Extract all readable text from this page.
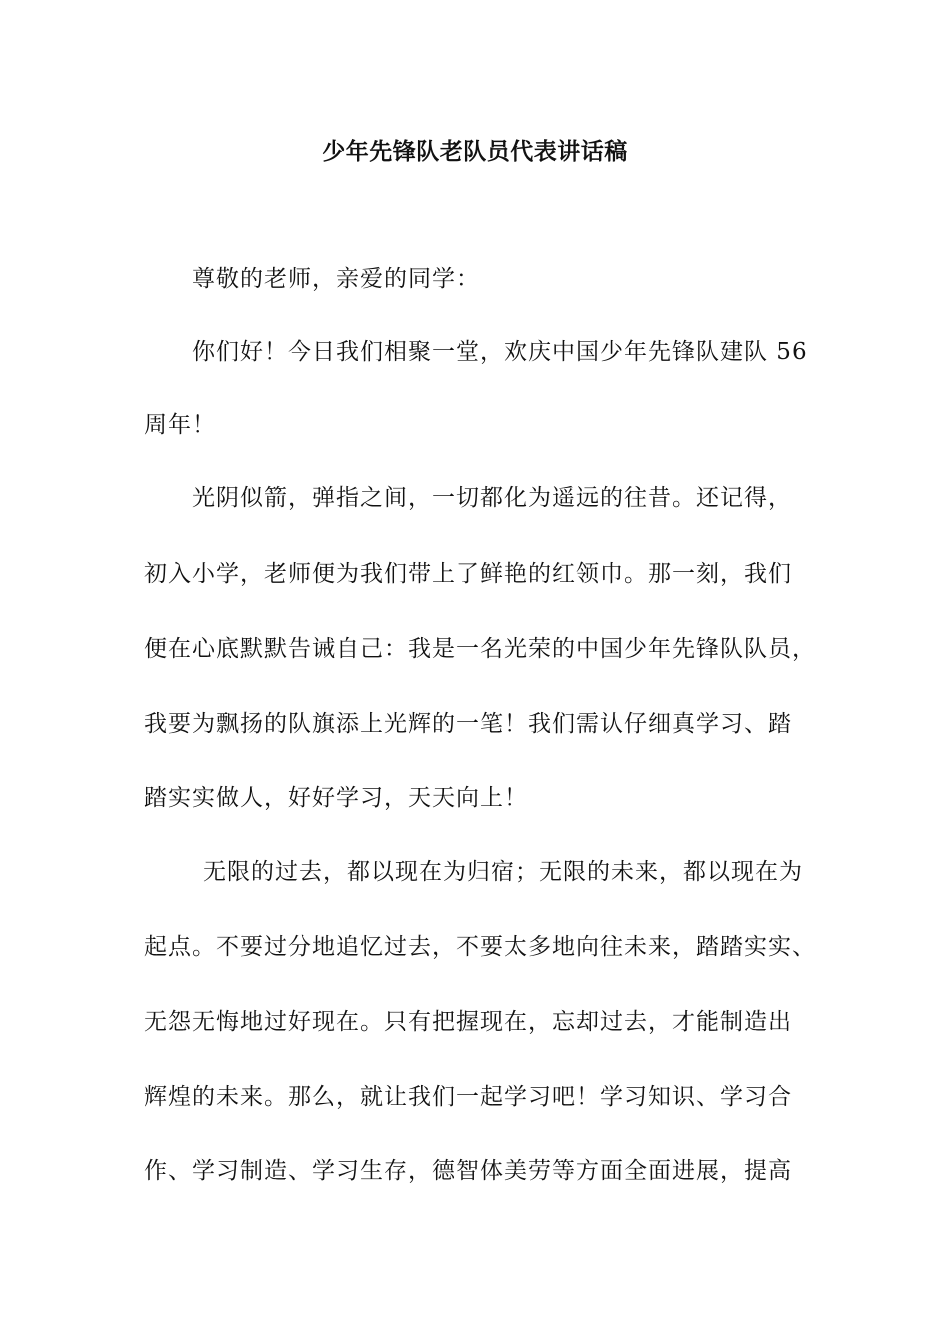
少年先锋队老队员代表讲话稿
尊敬的老师，亲爱的同学：
你们好！今日我们相聚一堂，欢庆中国少年先锋队建队 56
周年！
光阴似箭，弹指之间，一切都化为遥远的往昔。还记得，
初入小学，老师便为我们带上了鲜艳的红领巾。那一刻，我们
便在心底默默告诫自己：我是一名光荣的中国少年先锋队队员，
我要为飘扬的队旗添上光辉的一笔！我们需认仔细真学习、踏
踏实实做人，好好学习，天天向上！
无限的过去，都以现在为归宿；无限的未来，都以现在为
起点。不要过分地追忆过去，不要太多地向往未来，踏踏实实、
无怨无悔地过好现在。只有把握现在，忘却过去，才能制造出
辉煌的未来。那么，就让我们一起学习吧！学习知识、学习合
作、学习制造、学习生存，德智体美劳等方面全面进展，提高
